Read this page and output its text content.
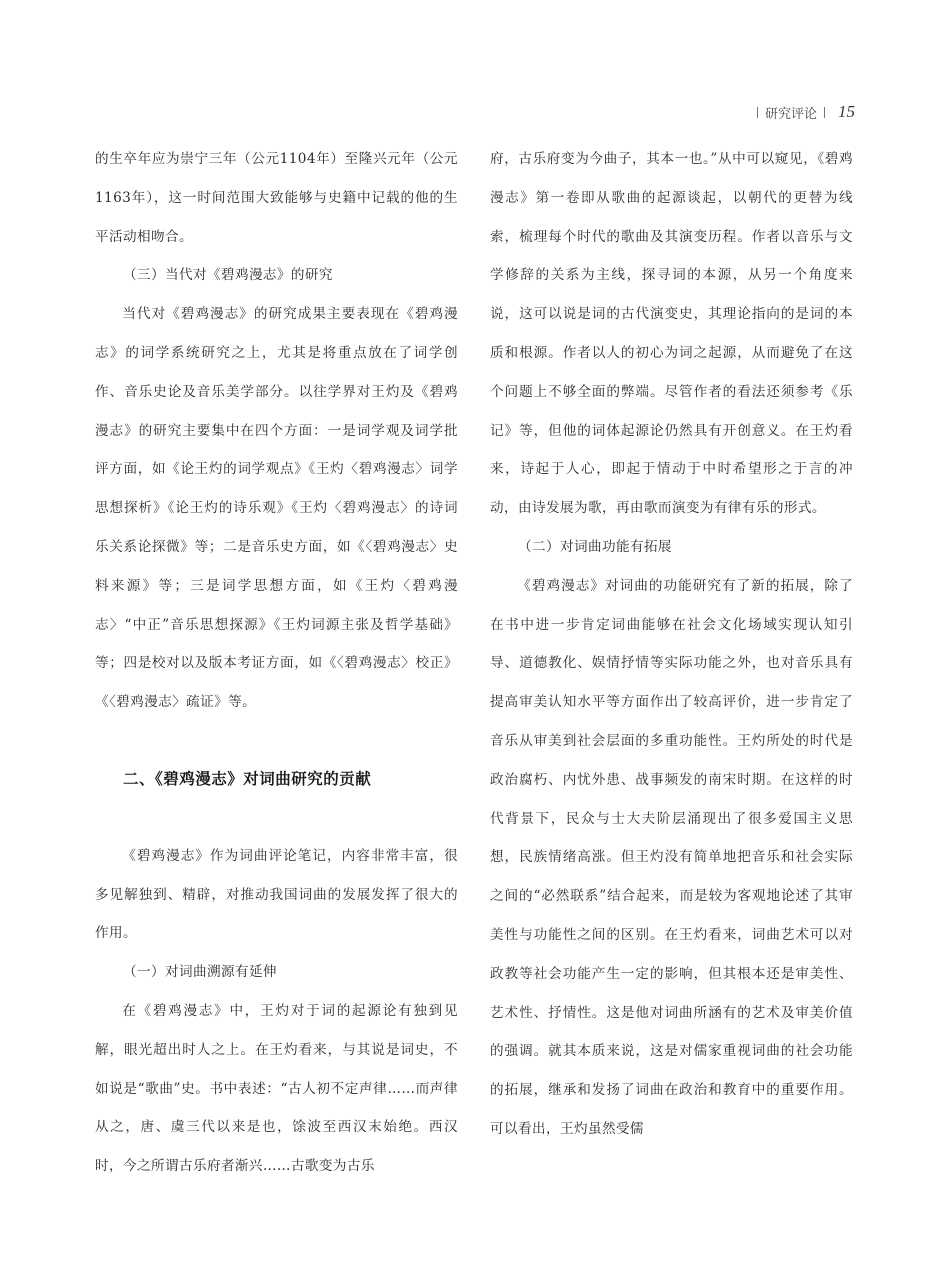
研究评论 15

的生卒年应为崇宁三年（公元1104年）至隆兴元年（公元1163年），这一时间范围大致能够与史籍中记载的他的生平活动相吻合。

（三）当代对《碧鸡漫志》的研究

当代对《碧鸡漫志》的研究成果主要表现在《碧鸡漫志》的词学系统研究之上，尤其是将重点放在了词学创作、音乐史论及音乐美学部分。以往学界对王灼及《碧鸡漫志》的研究主要集中在四个方面：一是词学观及词学批评方面，如《论王灼的词学观点》《王灼〈碧鸡漫志〉词学思想探析》《论王灼的诗乐观》《王灼〈碧鸡漫志〉的诗词乐关系论探微》等；二是音乐史方面，如《〈碧鸡漫志〉史料来源》等；三是词学思想方面，如《王灼〈碧鸡漫志〉“中正”音乐思想探源》《王灼词源主张及哲学基础》等；四是校对以及版本考证方面，如《〈碧鸡漫志〉校正》《〈碧鸡漫志〉疏证》等。

二、《碧鸡漫志》对词曲研究的贡献

《碧鸡漫志》作为词曲评论笔记，内容非常丰富，很多见解独到、精辟，对推动我国词曲的发展发挥了很大的作用。

（一）对词曲溯源有延伸

在《碧鸡漫志》中，王灼对于词的起源论有独到见解，眼光超出时人之上。在王灼看来，与其说是词史，不如说是“歌曲”史。书中表述：“古人初不定声律……而声律从之，唐、虞三代以来是也，馀波至西汉末始绝。西汉时，今之所谓古乐府者渐兴……古歌变为古乐

府，古乐府变为今曲子，其本一也。”从中可以窥见，《碧鸡漫志》第一卷即从歌曲的起源谈起，以朝代的更替为线索，梳理每个时代的歌曲及其演变历程。作者以音乐与文学修辞的关系为主线，探寻词的本源，从另一个角度来说，这可以说是词的古代演变史，其理论指向的是词的本质和根源。作者以人的初心为词之起源，从而避免了在这个问题上不够全面的弊端。尽管作者的看法还须参考《乐记》等，但他的词体起源论仍然具有开创意义。在王灼看来，诗起于人心，即起于情动于中时希望形之于言的冲动，由诗发展为歌，再由歌而演变为有律有乐的形式。

（二）对词曲功能有拓展

《碧鸡漫志》对词曲的功能研究有了新的拓展，除了在书中进一步肯定词曲能够在社会文化场域实现认知引导、道德教化、娱情抒情等实际功能之外，也对音乐具有提高审美认知水平等方面作出了较高评价，进一步肯定了音乐从审美到社会层面的多重功能性。王灼所处的时代是政治腐朽、内忧外患、战事频发的南宋时期。在这样的时代背景下，民众与士大夫阶层涌现出了很多爱国主义思想，民族情绪高涨。但王灼没有简单地把音乐和社会实际之间的“必然联系”结合起来，而是较为客观地论述了其审美性与功能性之间的区别。在王灼看来，词曲艺术可以对政教等社会功能产生一定的影响，但其根本还是审美性、艺术性、抒情性。这是他对词曲所涵有的艺术及审美价值的强调。就其本质来说，这是对儒家重视词曲的社会功能的拓展，继承和发扬了词曲在政治和教育中的重要作用。可以看出，王灼虽然受儒
